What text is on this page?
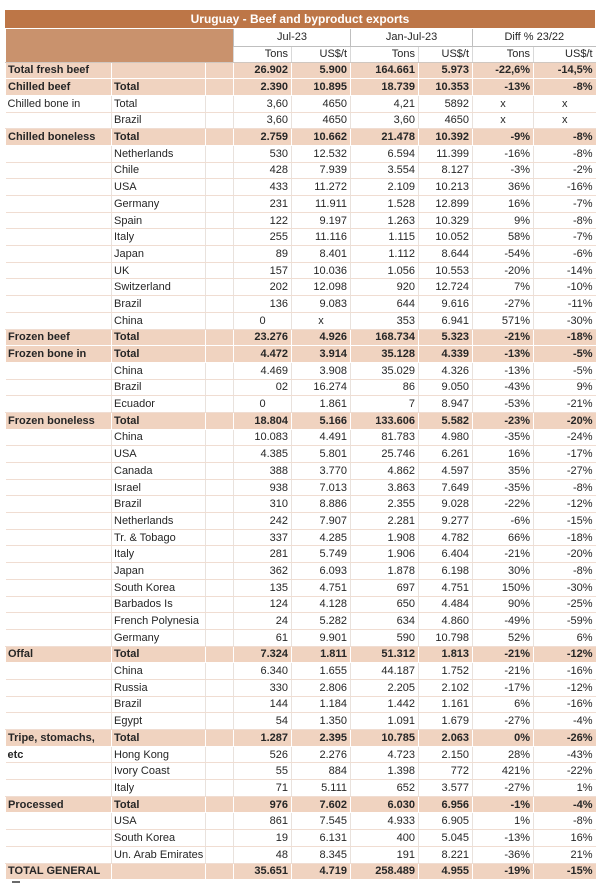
Uruguay - Beef and byproduct exports
			Jul-23		Jan-Jul-23		Diff % 23/22	
			Tons	US$/t	Tons	US$/t	Tons	US$/t
Total fresh beef			26.902	5.900	164.661	5.973	-22,6%	-14,5%
Chilled beef	Total		2.390	10.895	18.739	10.353	-13%	-8%
Chilled bone in	Total		3,60	4650	4,21	5892	x	x
	Brazil		3,60	4650	3,60	4650	x	x
Chilled boneless	Total		2.759	10.662	21.478	10.392	-9%	-8%
	Netherlands		530	12.532	6.594	11.399	-16%	-8%
	Chile		428	7.939	3.554	8.127	-3%	-2%
	USA		433	11.272	2.109	10.213	36%	-16%
	Germany		231	11.911	1.528	12.899	16%	-7%
	Spain		122	9.197	1.263	10.329	9%	-8%
	Italy		255	11.116	1.115	10.052	58%	-7%
	Japan		89	8.401	1.112	8.644	-54%	-6%
	UK		157	10.036	1.056	10.553	-20%	-14%
	Switzerland		202	12.098	920	12.724	7%	-10%
	Brazil		136	9.083	644	9.616	-27%	-11%
	China		0	x	353	6.941	571%	-30%
Frozen beef	Total		23.276	4.926	168.734	5.323	-21%	-18%
Frozen bone in	Total		4.472	3.914	35.128	4.339	-13%	-5%
	China		4.469	3.908	35.029	4.326	-13%	-5%
	Brazil		02	16.274	86	9.050	-43%	9%
	Ecuador		0	1.861	7	8.947	-53%	-21%
Frozen boneless	Total		18.804	5.166	133.606	5.582	-23%	-20%
	China		10.083	4.491	81.783	4.980	-35%	-24%
	USA		4.385	5.801	25.746	6.261	16%	-17%
	Canada		388	3.770	4.862	4.597	35%	-27%
	Israel		938	7.013	3.863	7.649	-35%	-8%
	Brazil		310	8.886	2.355	9.028	-22%	-12%
	Netherlands		242	7.907	2.281	9.277	-6%	-15%
	Tr. & Tobago		337	4.285	1.908	4.782	66%	-18%
	Italy		281	5.749	1.906	6.404	-21%	-20%
	Japan		362	6.093	1.878	6.198	30%	-8%
	South Korea		135	4.751	697	4.751	150%	-30%
	Barbados Is		124	4.128	650	4.484	90%	-25%
	French Polynesia		24	5.282	634	4.860	-49%	-59%
	Germany		61	9.901	590	10.798	52%	6%
Offal	Total		7.324	1.811	51.312	1.813	-21%	-12%
	China		6.340	1.655	44.187	1.752	-21%	-16%
	Russia		330	2.806	2.205	2.102	-17%	-12%
	Brazil		144	1.184	1.442	1.161	6%	-16%
	Egypt		54	1.350	1.091	1.679	-27%	-4%
Tripe, stomachs,	Total		1.287	2.395	10.785	2.063	0%	-26%
etc	Hong Kong		526	2.276	4.723	2.150	28%	-43%
	Ivory Coast		55	884	1.398	772	421%	-22%
	Italy		71	5.111	652	3.577	-27%	1%
Processed	Total		976	7.602	6.030	6.956	-1%	-4%
	USA		861	7.545	4.933	6.905	1%	-8%
	South Korea		19	6.131	400	5.045	-13%	16%
	Un. Arab Emirates		48	8.345	191	8.221	-36%	21%
TOTAL GENERAL			35.651	4.719	258.489	4.955	-19%	-15%
